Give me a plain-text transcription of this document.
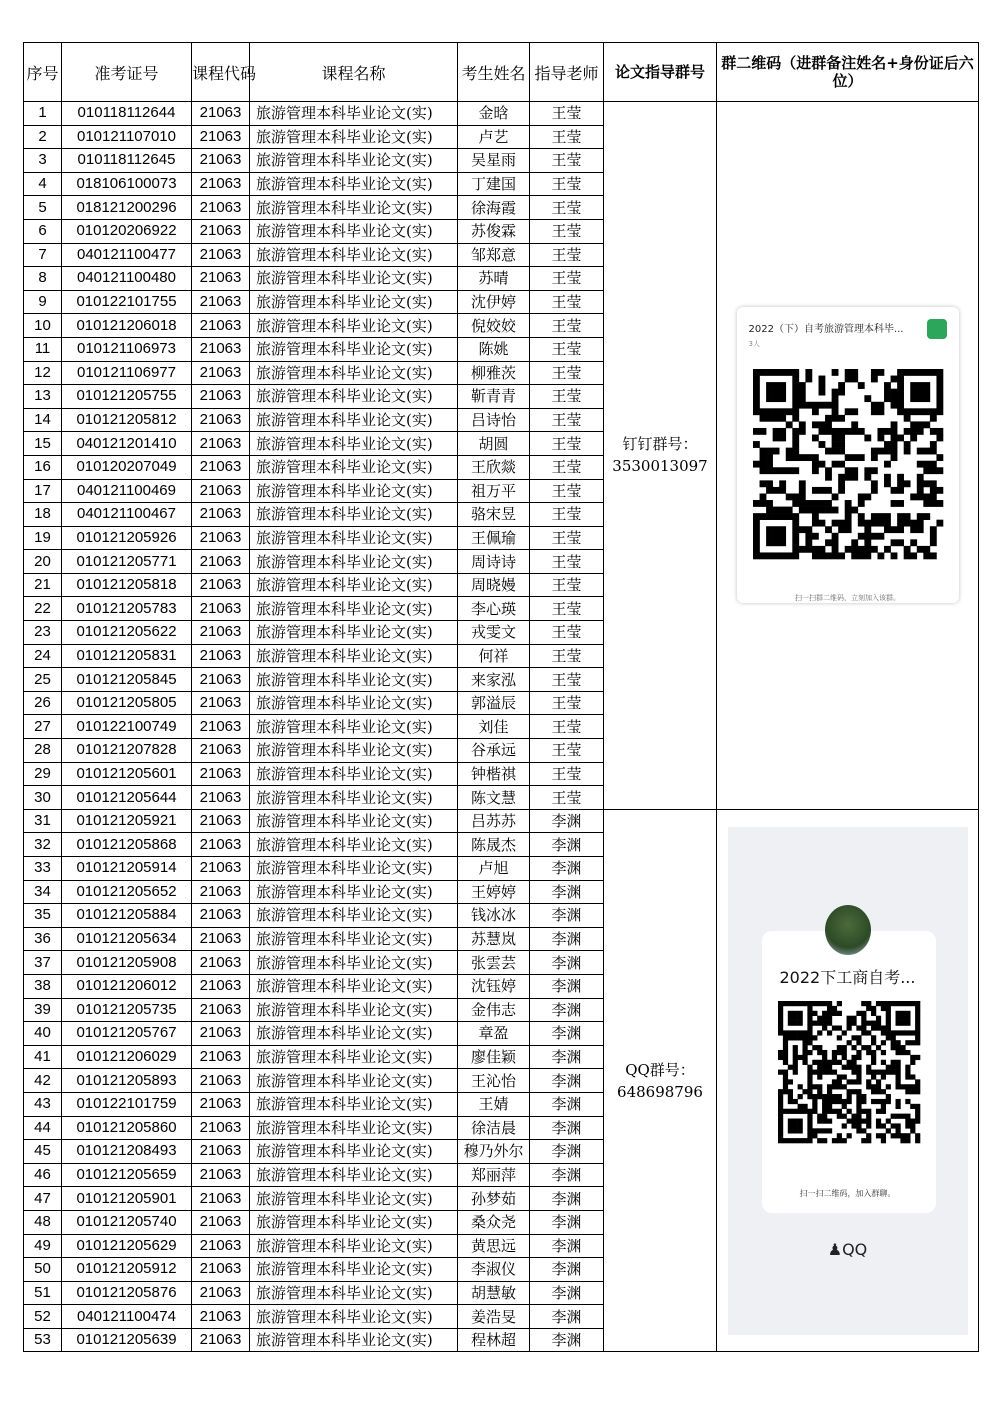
序号	准考证号	课程代码	课程名称	考生姓名	指导老师	论文指导群号	群二维码（进群备注姓名+身份证后六位）
1	010118112644	21063	旅游管理本科毕业论文(实)	金晗	王莹	钉钉群号：3530013097	2022（下）自考旅游管理本科毕...
3人
扫一扫群二维码，立刻加入该群。

2	010121107010	21063	旅游管理本科毕业论文(实)	卢艺	王莹		
3	010118112645	21063	旅游管理本科毕业论文(实)	吴星雨	王莹		
4	018106100073	21063	旅游管理本科毕业论文(实)	丁建国	王莹		
5	018121200296	21063	旅游管理本科毕业论文(实)	徐海霞	王莹		
6	010120206922	21063	旅游管理本科毕业论文(实)	苏俊霖	王莹		
7	040121100477	21063	旅游管理本科毕业论文(实)	邹郑意	王莹		
8	040121100480	21063	旅游管理本科毕业论文(实)	苏晴	王莹		
9	010122101755	21063	旅游管理本科毕业论文(实)	沈伊婷	王莹		
10	010121206018	21063	旅游管理本科毕业论文(实)	倪姣姣	王莹		
11	010121106973	21063	旅游管理本科毕业论文(实)	陈姚	王莹		
12	010121106977	21063	旅游管理本科毕业论文(实)	柳雅茨	王莹		
13	010121205755	21063	旅游管理本科毕业论文(实)	靳青青	王莹		
14	010121205812	21063	旅游管理本科毕业论文(实)	吕诗怡	王莹		
15	040121201410	21063	旅游管理本科毕业论文(实)	胡圆	王莹		
16	010120207049	21063	旅游管理本科毕业论文(实)	王欣燚	王莹		
17	040121100469	21063	旅游管理本科毕业论文(实)	祖万平	王莹		
18	040121100467	21063	旅游管理本科毕业论文(实)	骆宋昱	王莹		
19	010121205926	21063	旅游管理本科毕业论文(实)	王佩瑜	王莹		
20	010121205771	21063	旅游管理本科毕业论文(实)	周诗诗	王莹		
21	010121205818	21063	旅游管理本科毕业论文(实)	周晓嫚	王莹		
22	010121205783	21063	旅游管理本科毕业论文(实)	李心瑛	王莹		
23	010121205622	21063	旅游管理本科毕业论文(实)	戎雯文	王莹		
24	010121205831	21063	旅游管理本科毕业论文(实)	何祥	王莹		
25	010121205845	21063	旅游管理本科毕业论文(实)	来家泓	王莹		
26	010121205805	21063	旅游管理本科毕业论文(实)	郭溢辰	王莹		
27	010122100749	21063	旅游管理本科毕业论文(实)	刘佳	王莹		
28	010121207828	21063	旅游管理本科毕业论文(实)	谷承远	王莹		
29	010121205601	21063	旅游管理本科毕业论文(实)	钟楷祺	王莹		
30	010121205644	21063	旅游管理本科毕业论文(实)	陈文慧	王莹		
31	010121205921	21063	旅游管理本科毕业论文(实)	吕苏苏	李渊	QQ群号：648698796	2022下工商自考...
扫一扫二维码，加入群聊。
♟QQ

32	010121205868	21063	旅游管理本科毕业论文(实)	陈晟杰	李渊		
33	010121205914	21063	旅游管理本科毕业论文(实)	卢旭	李渊		
34	010121205652	21063	旅游管理本科毕业论文(实)	王婷婷	李渊		
35	010121205884	21063	旅游管理本科毕业论文(实)	钱冰冰	李渊		
36	010121205634	21063	旅游管理本科毕业论文(实)	苏慧岚	李渊		
37	010121205908	21063	旅游管理本科毕业论文(实)	张雲芸	李渊		
38	010121206012	21063	旅游管理本科毕业论文(实)	沈钰婷	李渊		
39	010121205735	21063	旅游管理本科毕业论文(实)	金伟志	李渊		
40	010121205767	21063	旅游管理本科毕业论文(实)	章盈	李渊		
41	010121206029	21063	旅游管理本科毕业论文(实)	廖佳颖	李渊		
42	010121205893	21063	旅游管理本科毕业论文(实)	王沁怡	李渊		
43	010122101759	21063	旅游管理本科毕业论文(实)	王婧	李渊		
44	010121205860	21063	旅游管理本科毕业论文(实)	徐洁晨	李渊		
45	010121208493	21063	旅游管理本科毕业论文(实)	穆乃外尔	李渊		
46	010121205659	21063	旅游管理本科毕业论文(实)	郑丽萍	李渊		
47	010121205901	21063	旅游管理本科毕业论文(实)	孙梦茹	李渊		
48	010121205740	21063	旅游管理本科毕业论文(实)	桑众尧	李渊		
49	010121205629	21063	旅游管理本科毕业论文(实)	黄思远	李渊		
50	010121205912	21063	旅游管理本科毕业论文(实)	李淑仪	李渊		
51	010121205876	21063	旅游管理本科毕业论文(实)	胡慧敏	李渊		
52	040121100474	21063	旅游管理本科毕业论文(实)	姜浩旻	李渊		
53	010121205639	21063	旅游管理本科毕业论文(实)	程林超	李渊		
